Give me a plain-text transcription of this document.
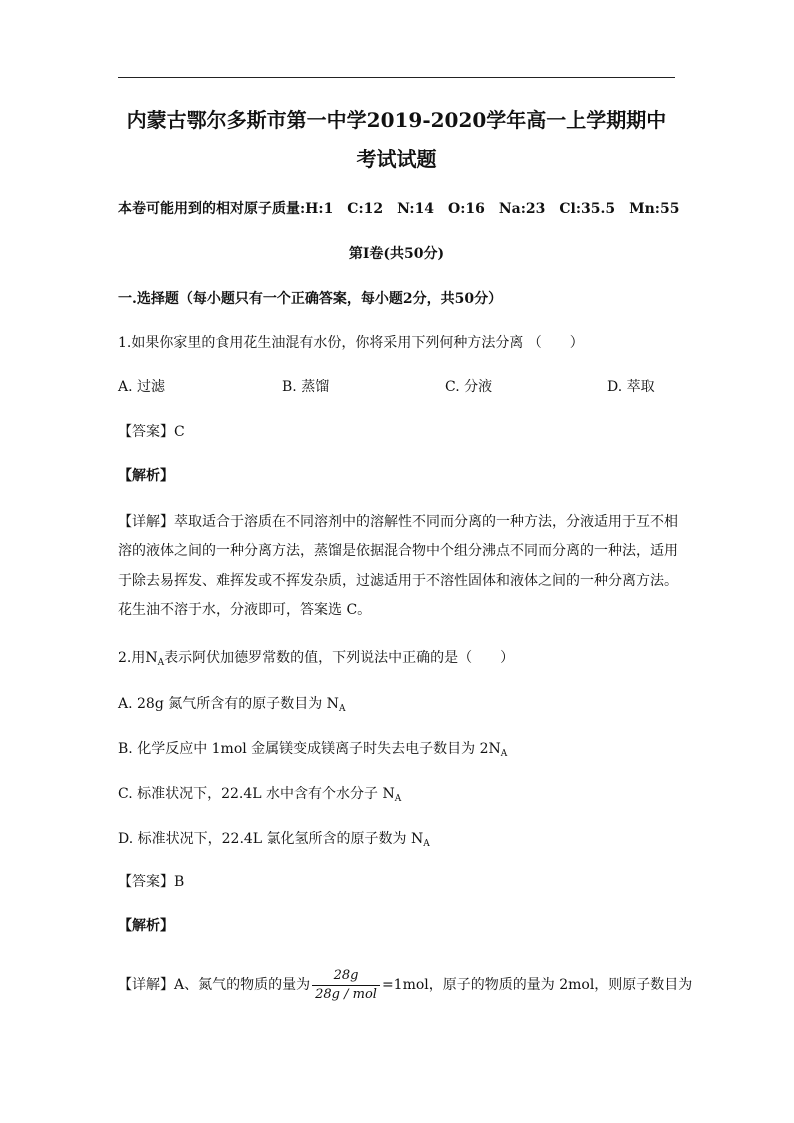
内蒙古鄂尔多斯市第一中学2019-2020学年高一上学期期中
考试试题
本卷可能用到的相对原子质量:H:1　C:12　N:14　O:16　Na:23　Cl:35.5　Mn:55
第I卷(共50分)
一.选择题（每小题只有一个正确答案，每小题2分，共50分）
1.如果你家里的食用花生油混有水份，你将采用下列何种方法分离 （　　）
A. 过滤	B. 蒸馏	C. 分液	D. 萃取
【答案】C
【解析】
【详解】萃取适合于溶质在不同溶剂中的溶解性不同而分离的一种方法，分液适用于互不相
溶的液体之间的一种分离方法，蒸馏是依据混合物中个组分沸点不同而分离的一种法，适用
于除去易挥发、难挥发或不挥发杂质，过滤适用于不溶性固体和液体之间的一种分离方法。
花生油不溶于水，分液即可，答案选 C。
2.用$N_A$表示阿伏加德罗常数的值，下列说法中正确的是（　　）
A. 28g 氮气所含有的原子数目为 $N_A$
B. 化学反应中 1mol 金属镁变成镁离子时失去电子数目为 $2N_A$
C. 标准状况下，22.4L 水中含有个水分子 $N_A$
D. 标准状况下，22.4L 氯化氢所含的原子数为 $N_A$
【答案】B
【解析】
【详解】A、氮气的物质的量为 $\frac{28g}{\text{28g / mol}} =1mol$，原子的物质的量为 2mol，则原子数目为
